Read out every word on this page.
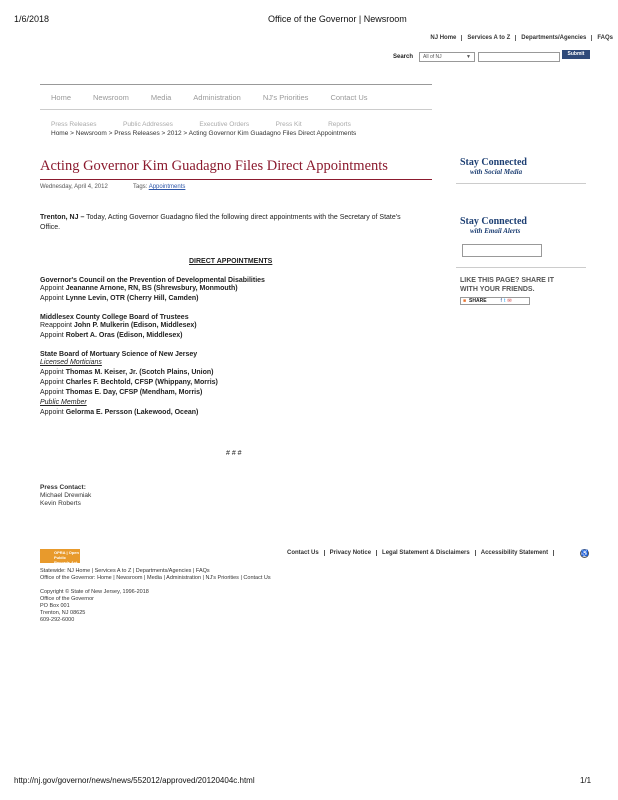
1/6/2018	Office of the Governor | Newsroom
NJ Home	Services A to Z	Departments/Agencies	FAQs
Search	All of NJ	▼	Submit
Home	Newsroom	Media	Administration	NJ's Priorities	Contact Us
Press Releases	Public Addresses	Executive Orders	Press Kit	Reports
Home > Newsroom > Press Releases > 2012 > Acting Governor Kim Guadagno Files Direct Appointments
Acting Governor Kim Guadagno Files Direct Appointments
Wednesday, April 4, 2012	Tags: Appointments
Trenton, NJ – Today, Acting Governor Guadagno filed the following direct appointments with the Secretary of State's
Office.
DIRECT APPOINTMENTS
Governor's Council on the Prevention of Developmental Disabilities
Appoint Jeananne Arnone, RN, BS (Shrewsbury, Monmouth)
Appoint Lynne Levin, OTR (Cherry Hill, Camden)
Middlesex County College Board of Trustees
Reappoint John P. Mulkerin (Edison, Middlesex)
Appoint Robert A. Oras (Edison, Middlesex)
State Board of Mortuary Science of New Jersey
Licensed Morticians
Appoint Thomas M. Keiser, Jr. (Scotch Plains, Union)
Appoint Charles F. Bechtold, CFSP (Whippany, Morris)
Appoint Thomas E. Day, CFSP (Mendham, Morris)
Public Member
Appoint Gelorma E. Persson (Lakewood, Ocean)
# # #
Press Contact:
Michael Drewniak
Kevin Roberts
Stay Connected
with Social Media
Stay Connected
with Email Alerts
LIKE THIS PAGE? SHARE IT
WITH YOUR FRIENDS.
■ SHARE	f t ✉
OPRA | Open
Public Records Act
Contact Us	Privacy Notice	Legal Statement & Disclaimers	Accessibility Statement	♿
Statewide: NJ Home | Services A to Z | Departments/Agencies | FAQs
Office of the Governor: Home | Newsroom | Media | Administration | NJ's Priorities | Contact Us
Copyright © State of New Jersey, 1996-2018
Office of the Governor
PO Box 001
Trenton, NJ 08625
609-292-6000
http://nj.gov/governor/news/news/552012/approved/20120404c.html	1/1
